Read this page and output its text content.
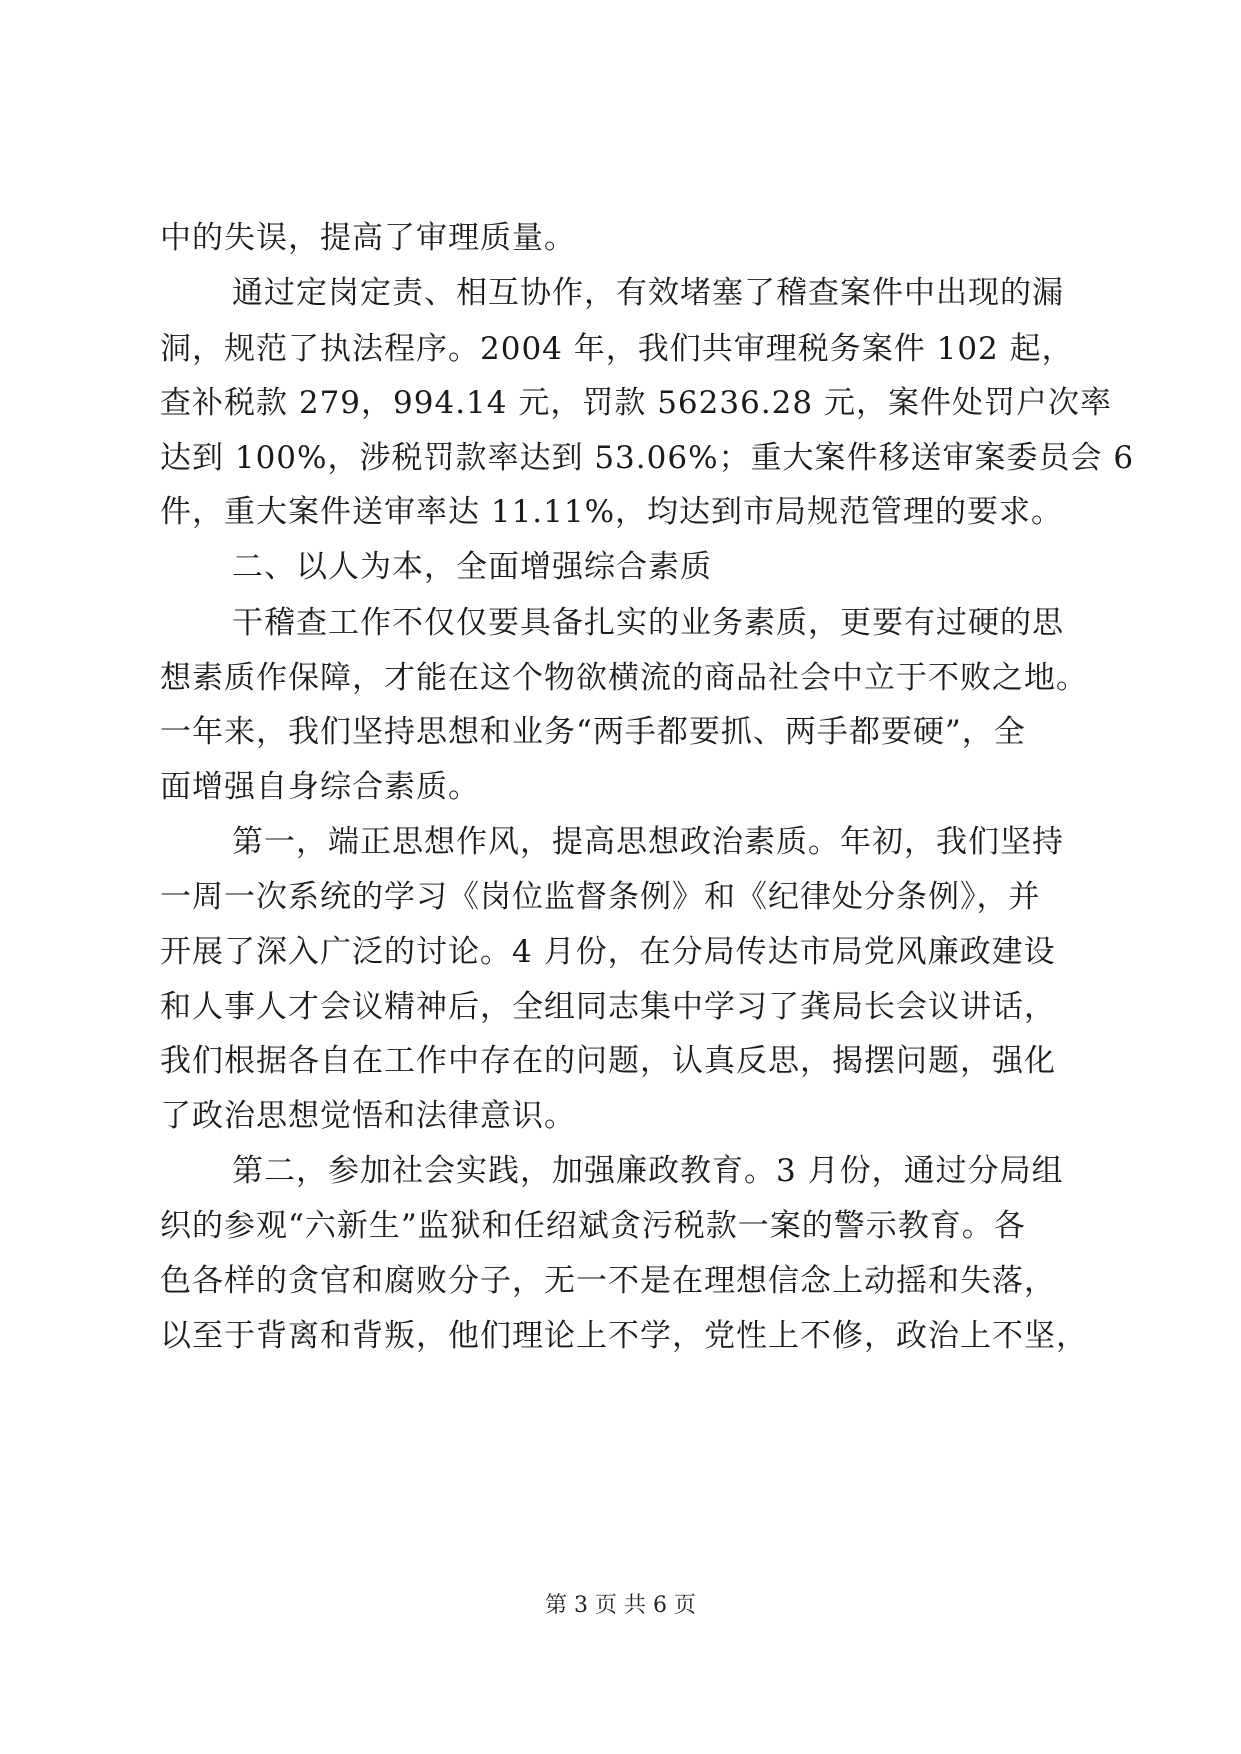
中的失误，提高了审理质量。
通过定岗定责、相互协作，有效堵塞了稽查案件中出现的漏
洞，规范了执法程序。2004 年，我们共审理税务案件 102 起，
查补税款 279，994.14 元，罚款 56236.28 元，案件处罚户次率
达到 100%，涉税罚款率达到 53.06%；重大案件移送审案委员会 6
件，重大案件送审率达 11.11%，均达到市局规范管理的要求。
二、以人为本，全面增强综合素质
干稽查工作不仅仅要具备扎实的业务素质，更要有过硬的思
想素质作保障，才能在这个物欲横流的商品社会中立于不败之地。
一年来，我们坚持思想和业务“两手都要抓、两手都要硬”，全
面增强自身综合素质。
第一，端正思想作风，提高思想政治素质。年初，我们坚持
一周一次系统的学习《岗位监督条例》和《纪律处分条例》，并
开展了深入广泛的讨论。4 月份，在分局传达市局党风廉政建设
和人事人才会议精神后，全组同志集中学习了龚局长会议讲话，
我们根据各自在工作中存在的问题，认真反思，揭摆问题，强化
了政治思想觉悟和法律意识。
第二，参加社会实践，加强廉政教育。3 月份，通过分局组
织的参观“六新生”监狱和任绍斌贪污税款一案的警示教育。各
色各样的贪官和腐败分子，无一不是在理想信念上动摇和失落，
以至于背离和背叛，他们理论上不学，党性上不修，政治上不坚，
第 3 页 共 6 页
